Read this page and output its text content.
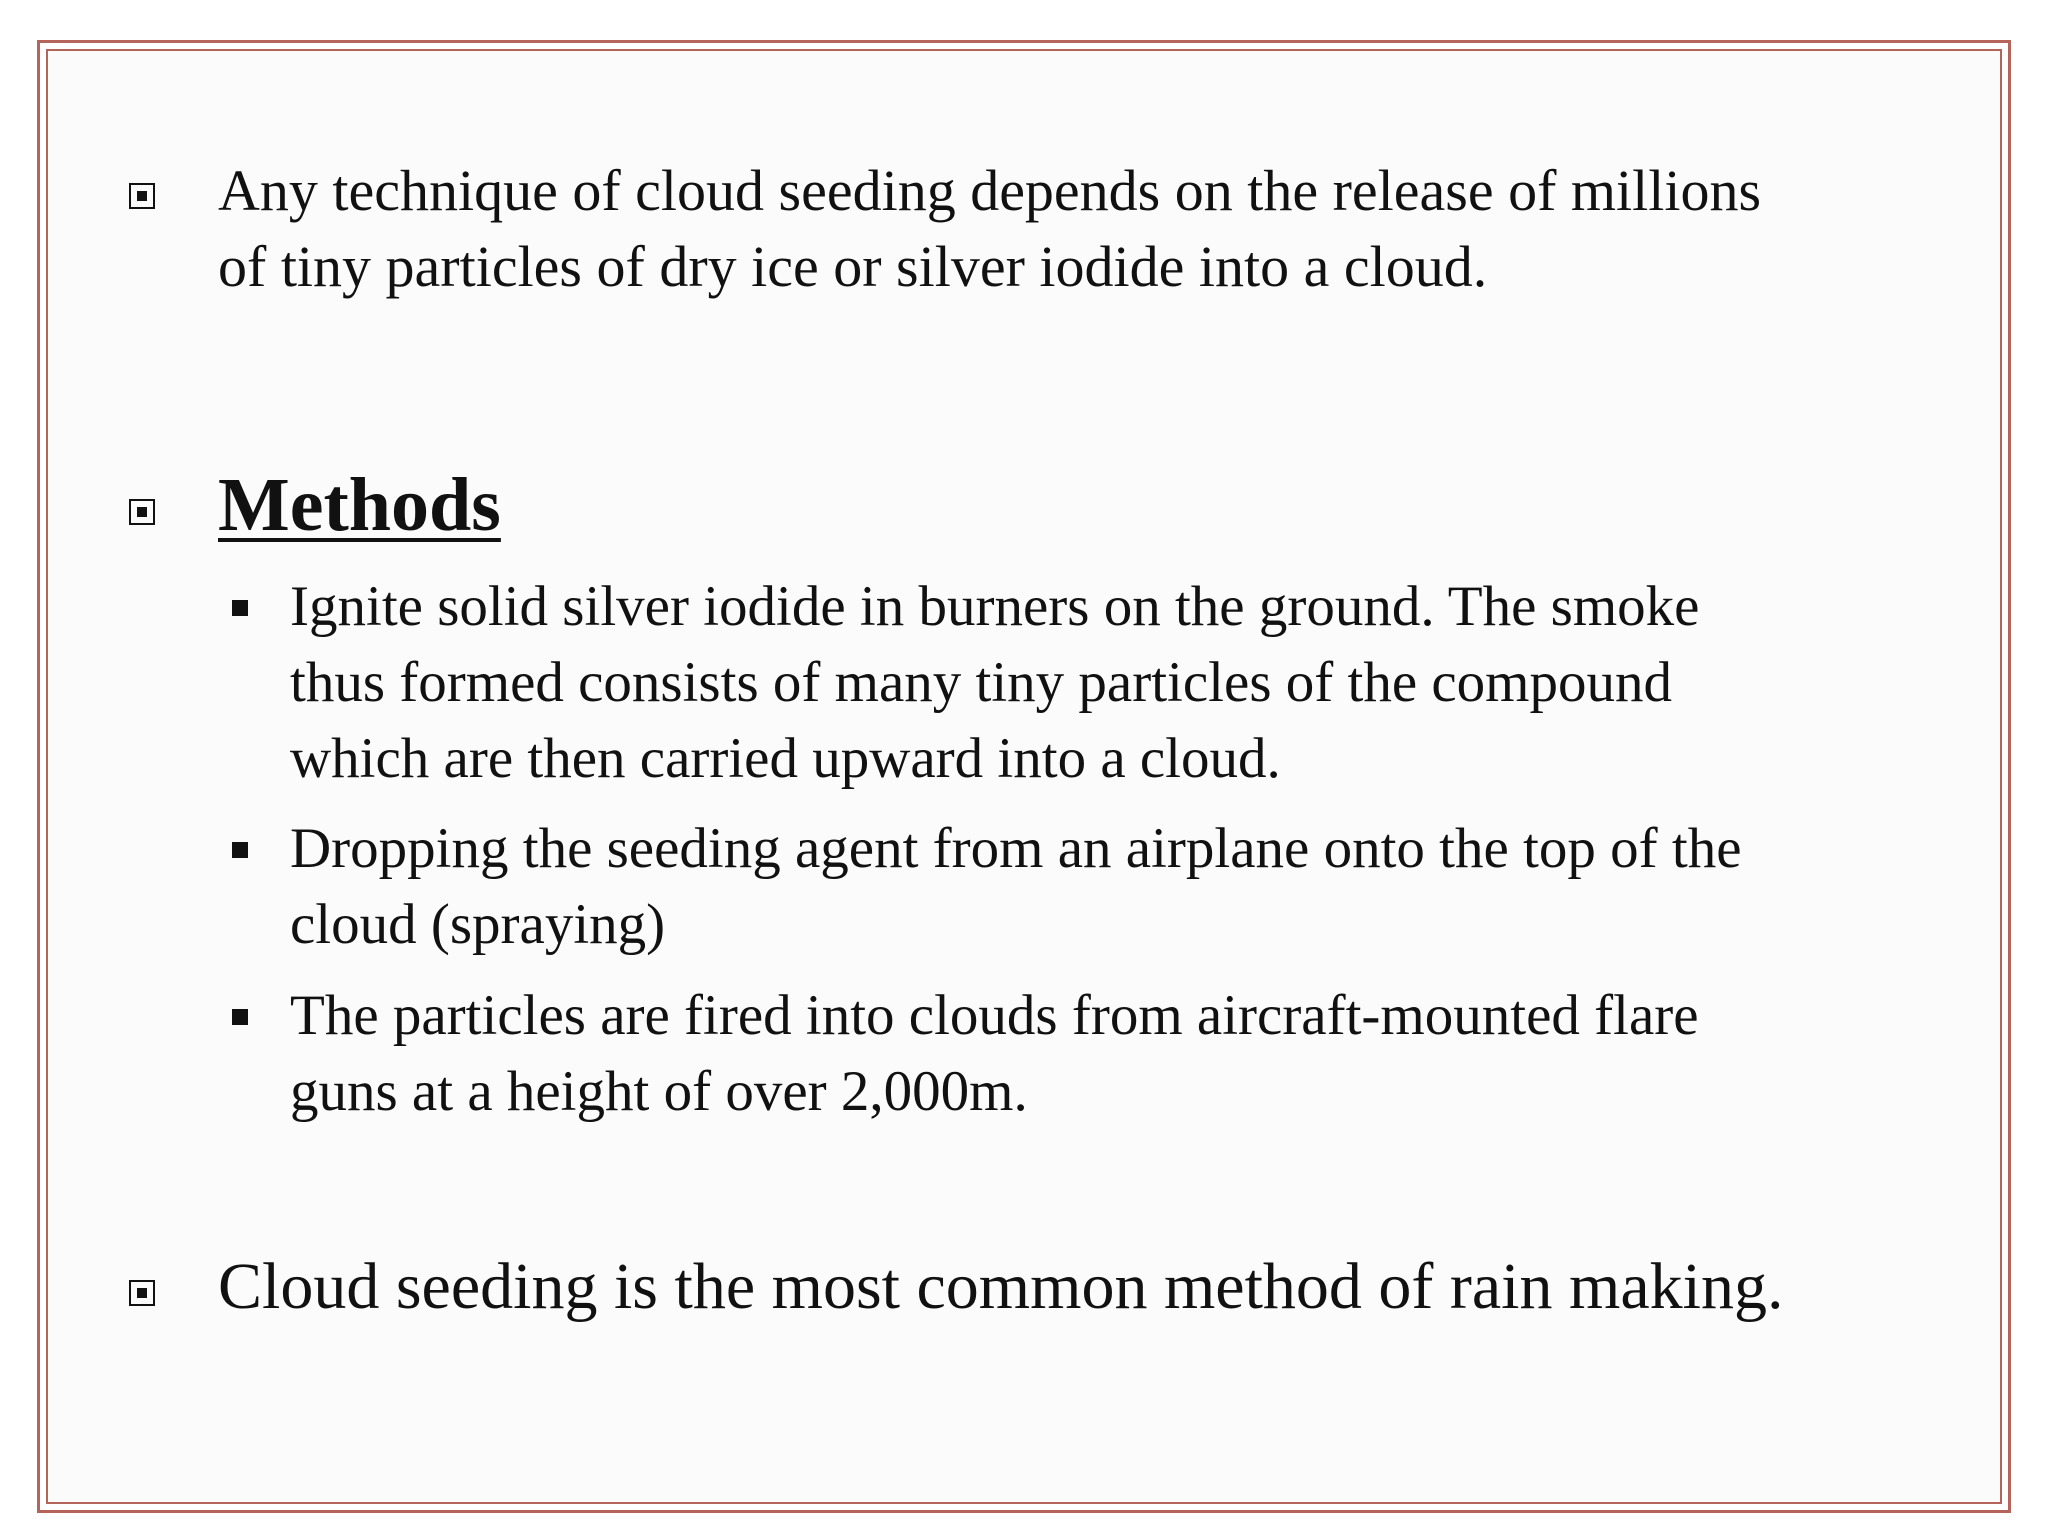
Any technique of cloud seeding depends on the release of millions
of tiny particles of dry ice or silver iodide into a cloud.
Methods
Ignite solid silver iodide in burners on the ground. The smoke
thus formed consists of many tiny particles of the compound
which are then carried upward into a cloud.
Dropping the seeding agent from an airplane onto the top of the
cloud (spraying)
The particles are fired into clouds from aircraft-mounted flare
guns at a height of over 2,000m.
Cloud seeding is the most common method of rain making.
